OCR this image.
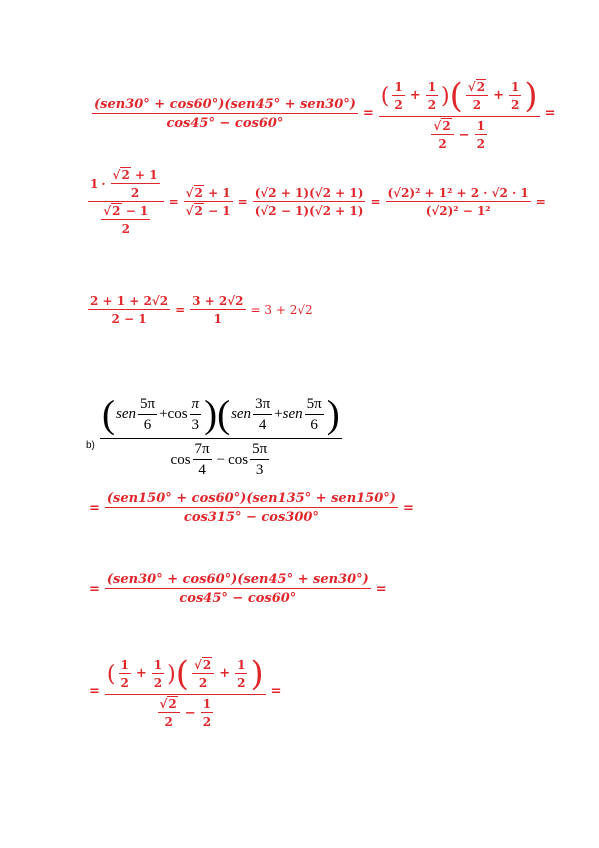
$\frac{\text{(sen30° + cos60°)(sen45° + sen30°)}}{\cos 45^\circ - \cos 60^\circ}$ =
( $\frac{1}{2} + \frac{1}{2}$
) √ ( $\frac{2}{2} + \frac{1}{2}$
)
√ $\frac{2}{2} - \frac{1}{2}$
=
1 · √ $\frac{2 + 1}{2}$
√ $\frac{2 - 1}{2}$ = √ 2 + 1
√ $2 - 1 = \frac{(√2 + 1)(√2 + 1)}{(√2 - 1)(√2 + 1)} = \frac{\text{(√2)² + 1² + 2 · √2 · 1}}{\text{(√2)² − 1²}}$ =
$\frac{2 + 1 + 2√2}{2 - 1} = \frac{3 + 2√2}{1} = 3 + 2√2$
b)
( sen $\frac{5\pi}{6} + \cos \frac{\pi}{3}$
) ( sen $\frac{3\pi}{4}$ + sen $\frac{5\pi}{6}$
)
$\cos \frac{7\pi}{4} - \cos \frac{5\pi}{3}$
= $\frac{\text{(sen150° + cos60°)(sen135° + sen150°)}}{\cos 315^\circ - \cos 300^\circ}$ =
= $\frac{\text{(sen30° + cos60°)(sen45° + sen30°)}}{\cos 45^\circ - \cos 60^\circ}$ =
=
( $\frac{1}{2} + \frac{1}{2}$
) √ ( $\frac{2}{2} + \frac{1}{2}$
)
√ $\frac{2}{2} - \frac{1}{2}$
=
